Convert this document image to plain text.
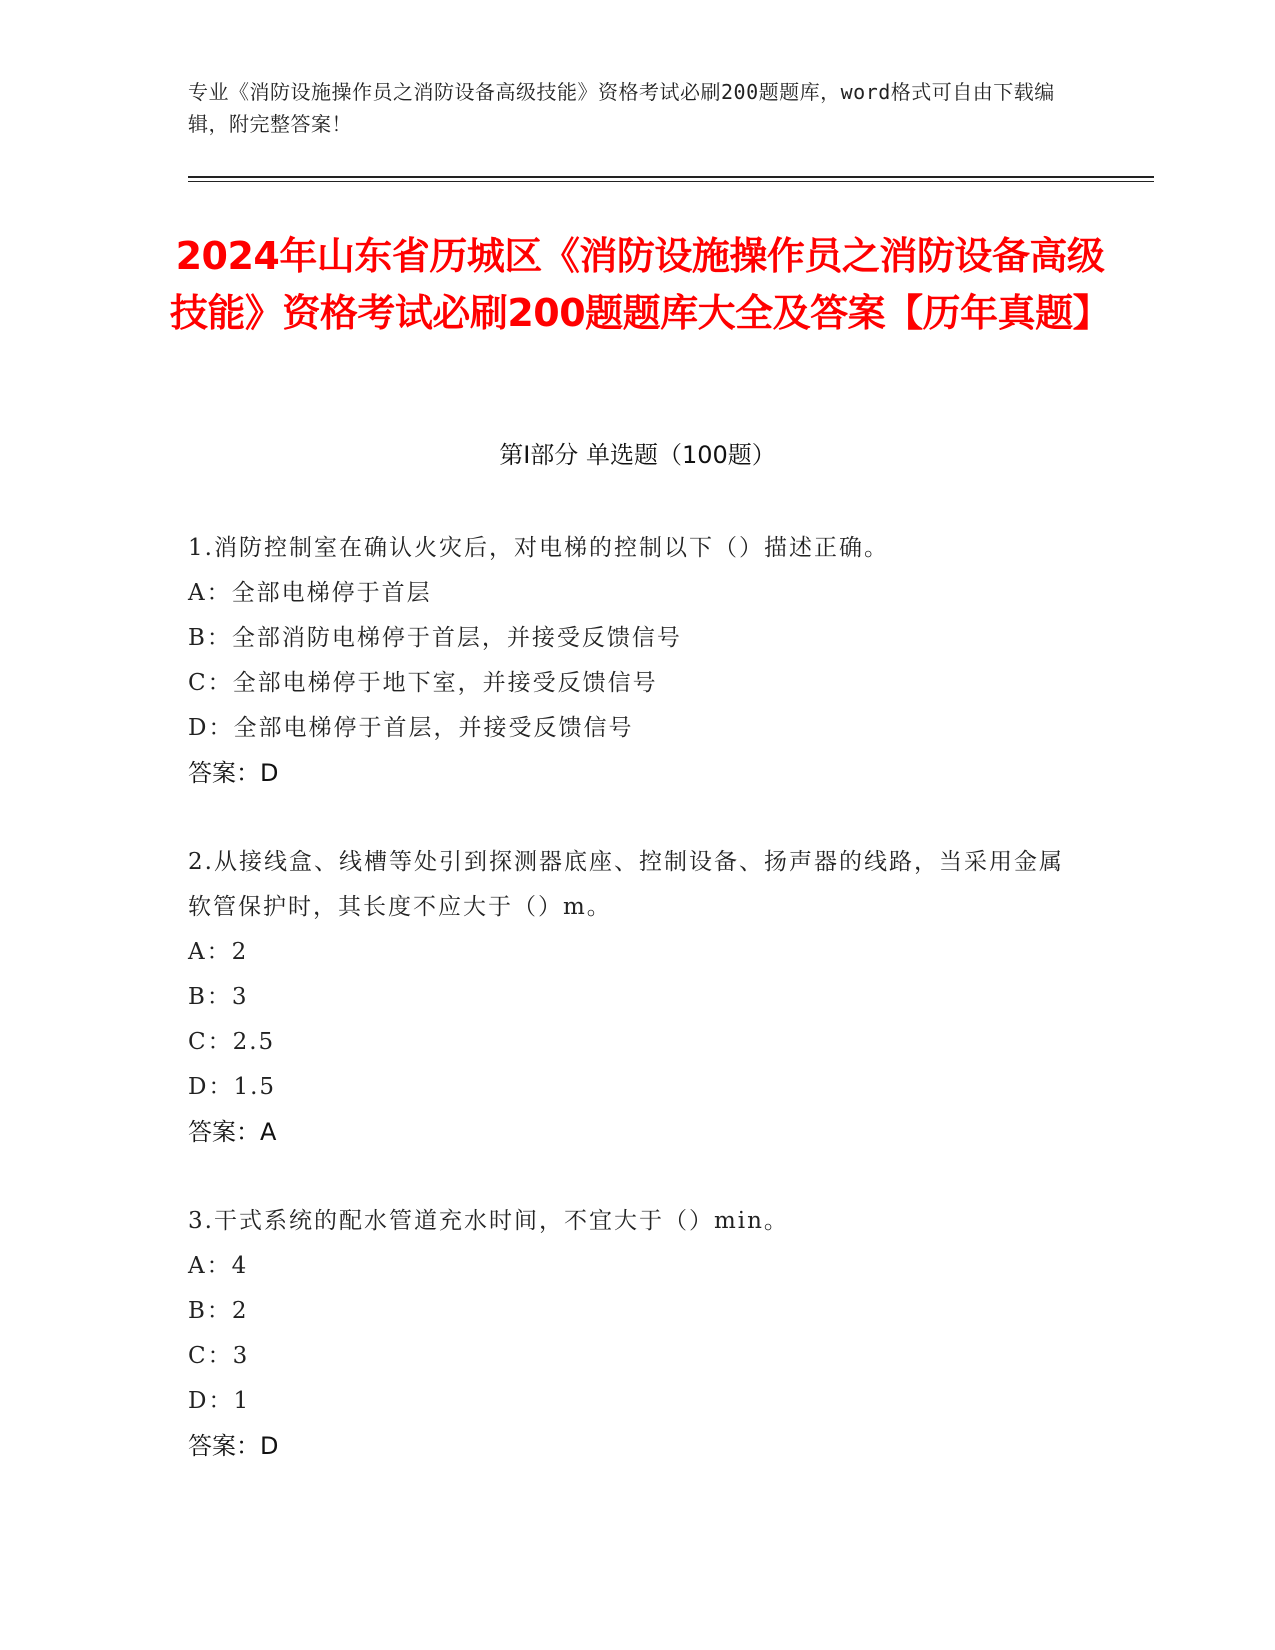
专业《消防设施操作员之消防设备高级技能》资格考试必刷200题题库，word格式可自由下载编辑，附完整答案！
2024年山东省历城区《消防设施操作员之消防设备高级技能》资格考试必刷200题题库大全及答案【历年真题】
第I部分 单选题（100题）
1.消防控制室在确认火灾后，对电梯的控制以下（）描述正确。
A：全部电梯停于首层
B：全部消防电梯停于首层，并接受反馈信号
C：全部电梯停于地下室，并接受反馈信号
D：全部电梯停于首层，并接受反馈信号
答案：D
2.从接线盒、线槽等处引到探测器底座、控制设备、扬声器的线路，当采用金属软管保护时，其长度不应大于（）m。
A：2
B：3
C：2.5
D：1.5
答案：A
3.干式系统的配水管道充水时间，不宜大于（）min。
A：4
B：2
C：3
D：1
答案：D
